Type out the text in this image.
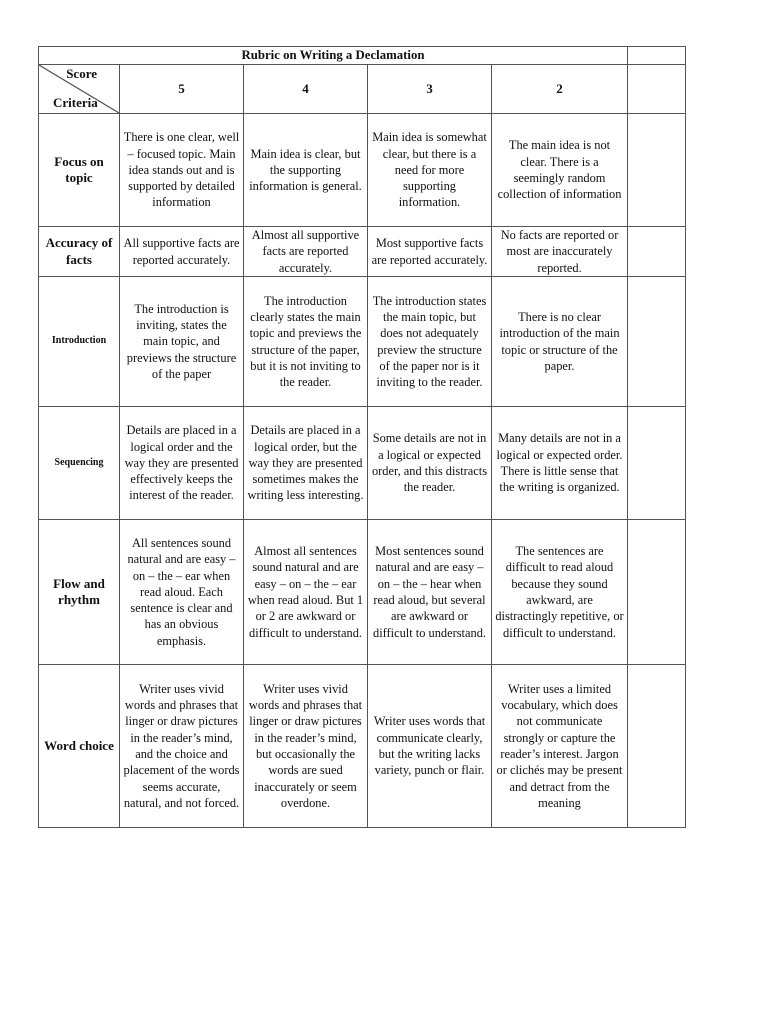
Rubric on Writing a Declamation					

Score
Criteria	5	4	3	2	
Focus on topic	There is one clear, well – focused topic. Main idea stands out and is supported by detailed information	Main idea is clear, but the supporting information is general.	Main idea is somewhat clear, but there is a need for more supporting information.	The main idea is not clear. There is a seemingly random collection of information	
Accuracy of facts	All supportive facts are reported accurately.	Almost all supportive facts are reported accurately.	Most supportive facts are reported accurately.	No facts are reported or most are inaccurately reported.	
Introduction	The introduction is inviting, states the main topic, and previews the structure of the paper	The introduction clearly states the main topic and previews the structure of the paper, but it is not inviting to the reader.	The introduction states the main topic, but does not adequately preview the structure of the paper nor is it inviting to the reader.	There is no clear introduction of the main topic or structure of the paper.	
Sequencing	Details are placed in a logical order and the way they are presented effectively keeps the interest of the reader.	Details are placed in a logical order, but the way they are presented sometimes makes the writing less interesting.	Some details are not in a logical or expected order, and this distracts the reader.	Many details are not in a logical or expected order. There is little sense that the writing is organized.	
Flow and rhythm	All sentences sound natural and are easy – on – the – ear when read aloud. Each sentence is clear and has an obvious emphasis.	Almost all sentences sound natural and are easy – on – the – ear when read aloud. But 1 or 2 are awkward or difficult to understand.	Most sentences sound natural and are easy – on – the – hear when read aloud, but several are awkward or difficult to understand.	The sentences are difficult to read aloud because they sound awkward, are distractingly repetitive, or difficult to understand.	
Word choice	Writer uses vivid words and phrases that linger or draw pictures in the reader’s mind, and the choice and placement of the words seems accurate, natural, and not forced.	Writer uses vivid words and phrases that linger or draw pictures in the reader’s mind, but occasionally the words are sued inaccurately or seem overdone.	Writer uses words that communicate clearly, but the writing lacks variety, punch or flair.	Writer uses a limited vocabulary, which does not communicate strongly or capture the reader’s interest. Jargon or clichés may be present and detract from the meaning	
